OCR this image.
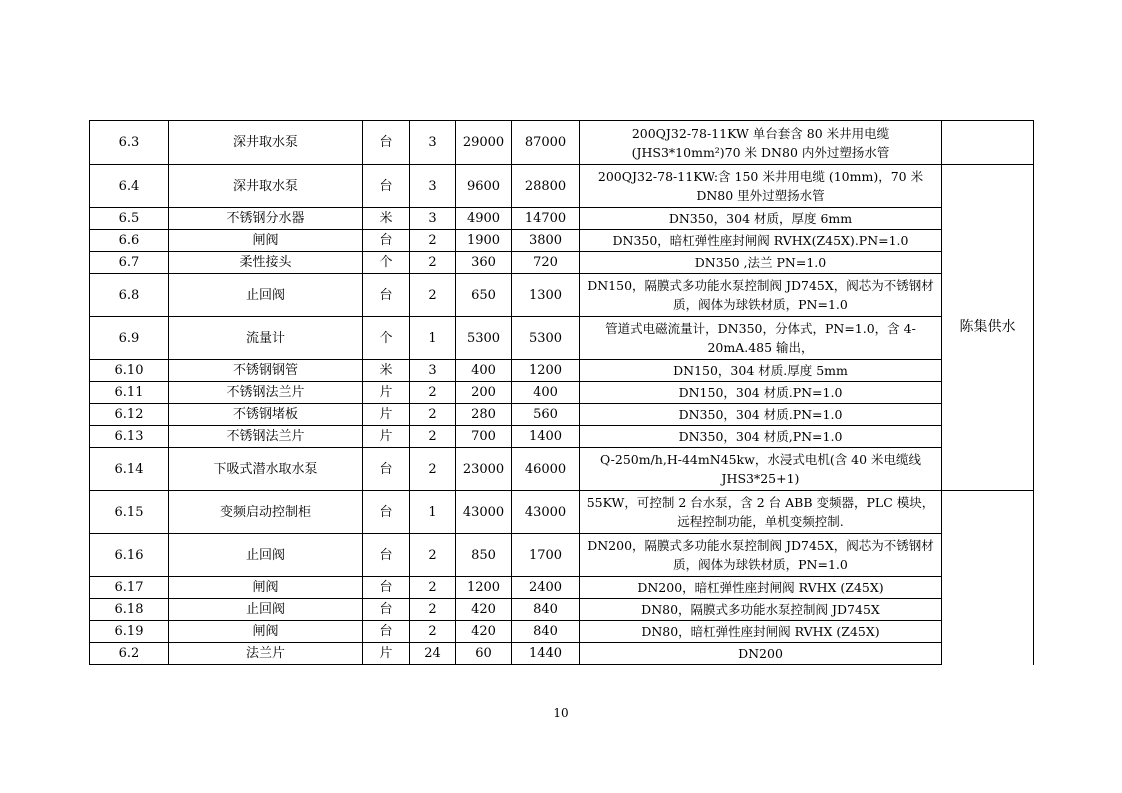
6.3	深井取水泵	台	3	29000	87000	200QJ32-78-11KW 单台套含 80 米井用电缆(JHS3*10mm²)70 米 DN80 内外过塑扬水管		
6.4	深井取水泵	台	3	9600	28800	200QJ32-78-11KW:含 150 米井用电缆 (10mm)，70 米 DN80 里外过塑扬水管	陈集供水	
6.5	不锈钢分水器	米	3	4900	14700	DN350，304 材质，厚度 6mm		
6.6	闸阀	台	2	1900	3800	DN350，暗杠弹性座封闸阀 RVHX(Z45X).PN=1.0		
6.7	柔性接头	个	2	360	720	DN350 ,法兰 PN=1.0		
6.8	止回阀	台	2	650	1300	DN150，隔膜式多功能水泵控制阀 JD745X，阀芯为不锈钢材质，阀体为球铁材质，PN=1.0		
6.9	流量计	个	1	5300	5300	管道式电磁流量计，DN350，分体式，PN=1.0，含 4-20mA.485 输出，		
6.10	不锈钢钢管	米	3	400	1200	DN150，304 材质.厚度 5mm		
6.11	不锈钢法兰片	片	2	200	400	DN150，304 材质.PN=1.0		
6.12	不锈钢堵板	片	2	280	560	DN350，304 材质.PN=1.0		
6.13	不锈钢法兰片	片	2	700	1400	DN350，304 材质,PN=1.0		
6.14	下吸式潜水取水泵	台	2	23000	46000	Q-250m/h,H-44mN45kw，水浸式电机(含 40 米电缆线 JHS3*25+1)	
6.15	变频启动控制柜	台	1	43000	43000	55KW，可控制 2 台水泵，含 2 台 ABB 变频器，PLC 模块，远程控制功能，单机变频控制.		
6.16	止回阀	台	2	850	1700	DN200，隔膜式多功能水泵控制阀 JD745X，阀芯为不锈钢材质，阀体为球铁材质，PN=1.0		
6.17	闸阀	台	2	1200	2400	DN200，暗杠弹性座封闸阀 RVHX (Z45X)		
6.18	止回阀	台	2	420	840	DN80，隔膜式多功能水泵控制阀 JD745X		
6.19	闸阀	台	2	420	840	DN80，暗杠弹性座封闸阀 RVHX (Z45X)		
6.2	法兰片	片	24	60	1440	DN200		
10
